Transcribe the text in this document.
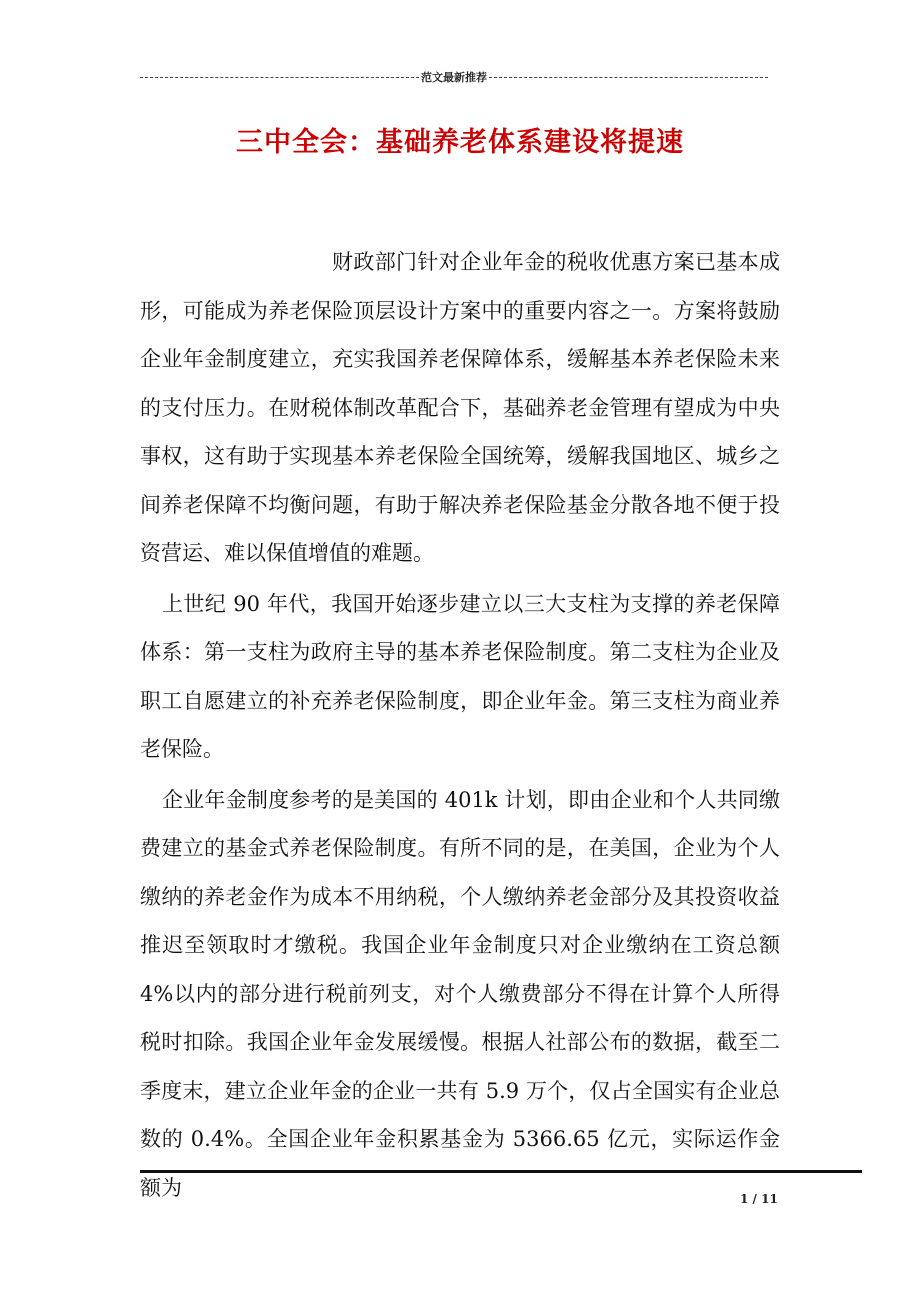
范文最新推荐
三中全会：基础养老体系建设将提速

财政部门针对企业年金的税收优惠方案已基本成形，可能成为养老保险顶层设计方案中的重要内容之一。方案将鼓励企业年金制度建立，充实我国养老保障体系，缓解基本养老保险未来的支付压力。在财税体制改革配合下，基础养老金管理有望成为中央事权，这有助于实现基本养老保险全国统筹，缓解我国地区、城乡之间养老保障不均衡问题，有助于解决养老保险基金分散各地不便于投资营运、难以保值增值的难题。

上世纪 90 年代，我国开始逐步建立以三大支柱为支撑的养老保障体系：第一支柱为政府主导的基本养老保险制度。第二支柱为企业及职工自愿建立的补充养老保险制度，即企业年金。第三支柱为商业养老保险。

企业年金制度参考的是美国的 401k 计划，即由企业和个人共同缴费建立的基金式养老保险制度。有所不同的是，在美国，企业为个人缴纳的养老金作为成本不用纳税，个人缴纳养老金部分及其投资收益推迟至领取时才缴税。我国企业年金制度只对企业缴纳在工资总额 4%以内的部分进行税前列支，对个人缴费部分不得在计算个人所得税时扣除。我国企业年金发展缓慢。根据人社部公布的数据，截至二季度末，建立企业年金的企业一共有 5.9 万个，仅占全国实有企业总数的 0.4%。全国企业年金积累基金为 5366.65 亿元，实际运作金额为	1 / 11
